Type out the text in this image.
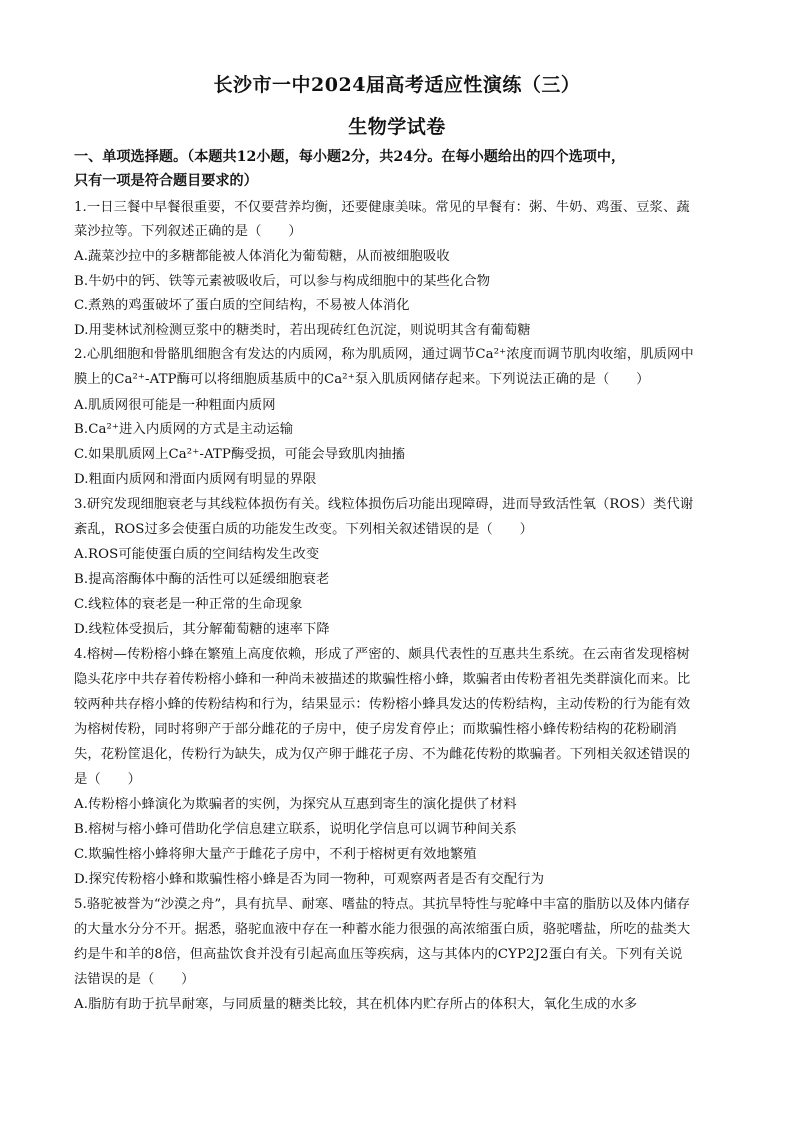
长沙市一中2024届高考适应性演练（三）
生物学试卷
一、单项选择题。（本题共12小题，每小题2分，共24分。在每小题给出的四个选项中，
只有一项是符合题目要求的）
1.一日三餐中早餐很重要，不仅要营养均衡，还要健康美味。常见的早餐有：粥、牛奶、鸡蛋、豆浆、蔬
菜沙拉等。下列叙述正确的是（　　）
A.蔬菜沙拉中的多糖都能被人体消化为葡萄糖，从而被细胞吸收
B.牛奶中的钙、铁等元素被吸收后，可以参与构成细胞中的某些化合物
C.煮熟的鸡蛋破坏了蛋白质的空间结构，不易被人体消化
D.用斐林试剂检测豆浆中的糖类时，若出现砖红色沉淀，则说明其含有葡萄糖
2.心肌细胞和骨骼肌细胞含有发达的内质网，称为肌质网，通过调节Ca²⁺浓度而调节肌肉收缩，肌质网中
膜上的Ca²⁺-ATP酶可以将细胞质基质中的Ca²⁺泵入肌质网储存起来。下列说法正确的是（　　）
A.肌质网很可能是一种粗面内质网
B.Ca²⁺进入内质网的方式是主动运输
C.如果肌质网上Ca²⁺-ATP酶受损，可能会导致肌肉抽搐
D.粗面内质网和滑面内质网有明显的界限
3.研究发现细胞衰老与其线粒体损伤有关。线粒体损伤后功能出现障碍，进而导致活性氧（ROS）类代谢
紊乱，ROS过多会使蛋白质的功能发生改变。下列相关叙述错误的是（　　）
A.ROS可能使蛋白质的空间结构发生改变
B.提高溶酶体中酶的活性可以延缓细胞衰老
C.线粒体的衰老是一种正常的生命现象
D.线粒体受损后，其分解葡萄糖的速率下降
4.榕树—传粉榕小蜂在繁殖上高度依赖，形成了严密的、颇具代表性的互惠共生系统。在云南省发现榕树
隐头花序中共存着传粉榕小蜂和一种尚未被描述的欺骗性榕小蜂，欺骗者由传粉者祖先类群演化而来。比
较两种共存榕小蜂的传粉结构和行为，结果显示：传粉榕小蜂具发达的传粉结构，主动传粉的行为能有效
为榕树传粉，同时将卵产于部分雌花的子房中，使子房发育停止；而欺骗性榕小蜂传粉结构的花粉刷消
失，花粉筐退化，传粉行为缺失，成为仅产卵于雌花子房、不为雌花传粉的欺骗者。下列相关叙述错误的
是（　　）
A.传粉榕小蜂演化为欺骗者的实例，为探究从互惠到寄生的演化提供了材料
B.榕树与榕小蜂可借助化学信息建立联系，说明化学信息可以调节种间关系
C.欺骗性榕小蜂将卵大量产于雌花子房中，不利于榕树更有效地繁殖
D.探究传粉榕小蜂和欺骗性榕小蜂是否为同一物种，可观察两者是否有交配行为
5.骆驼被誉为“沙漠之舟”，具有抗旱、耐寒、嗜盐的特点。其抗旱特性与驼峰中丰富的脂肪以及体内储存
的大量水分分不开。据悉，骆驼血液中存在一种蓄水能力很强的高浓缩蛋白质，骆驼嗜盐，所吃的盐类大
约是牛和羊的8倍，但高盐饮食并没有引起高血压等疾病，这与其体内的CYP2J2蛋白有关。下列有关说
法错误的是（　　）
A.脂肪有助于抗旱耐寒，与同质量的糖类比较，其在机体内贮存所占的体积大，氧化生成的水多
